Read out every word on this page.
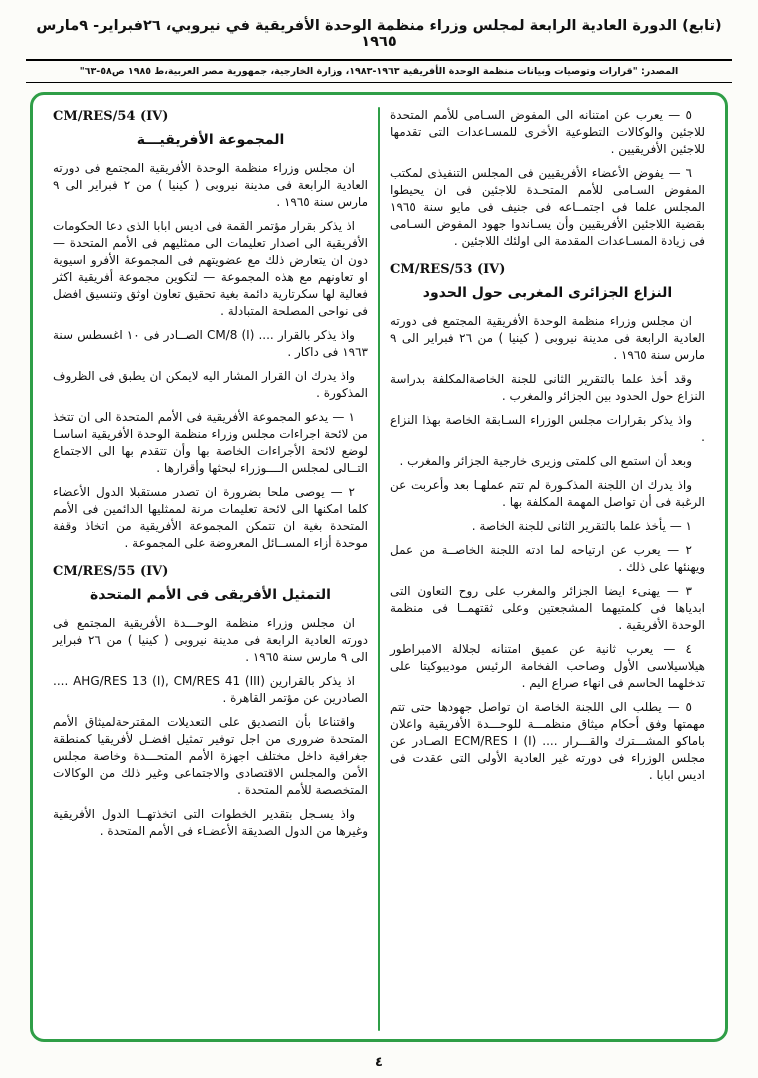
(تابع) الدورة العادية الرابعة لمجلس وزراء منظمة الوحدة الأفريقية في نيروبي، ٢٦فبراير- ٩مارس ١٩٦٥
المصدر: "قرارات وتوصيات وبيانات منظمة الوحدة الأفريقية ١٩٦٣-١٩٨٣، وزارة الخارجية، جمهورية مصر العربية،ط ١٩٨٥ ص٥٨-٦٣"
٥ — يعرب عن امتنانه الى المفوض السـامى للأمم المتحدة للاجئين والوكالات التطوعية الأخرى للمسـاعدات التى تقدمها للاجئين الأفريقيين .
٦ — يفوض الأعضاء الأفريقيين فى المجلس التنفيذى لمكتب المفوض السـامى للأمم المتحـدة للاجئين فى ان يحيطوا المجلس علما فى اجتمــاعه فى جنيف فى مايو سنة ١٩٦٥ بقضية اللاجئين الأفريقيين وأن يسـاندوا جهود المفوض السـامى فى زيادة المسـاعدات المقدمة الى اولئك اللاجئين .
CM/RES/53 (IV)
النزاع الجزائرى المغربى حول الحدود
ان مجلس وزراء منظمة الوحدة الأفريقية المجتمع فى دورته العادية الرابعة فى مدينة نيروبى ( كينيا ) من ٢٦ فبراير الى ٩ مارس سنة ١٩٦٥ .
وقد أخذ علما بالتقرير الثانى للجنة الخاصةالمكلفة بدراسة النزاع حول الحدود بين الجزائر والمغرب .
واذ يذكر بقرارات مجلس الوزراء السـابقة الخاصة بهذا النزاع .
وبعد أن استمع الى كلمتى وزيرى خارجية الجزائر والمغرب .
واذ يدرك ان اللجنة المذكـورة لم تتم عملهـا بعد وأعربت عن الرغبة فى أن تواصل المهمة المكلفة بها .
١ — يأخذ علما بالتقرير الثانى للجنة الخاصة .
٢ — يعرب عن ارتياحه لما ادته اللجنة الخاصــة من عمل ويهنئها على ذلك .
٣ — يهنىء ايضا الجزائر والمغرب على روح التعاون التى ابدياها فى كلمتيهما المشجعتين وعلى ثقتهمــا فى منظمة الوحدة الأفريقية .
٤ — يعرب ثانية عن عميق امتنانه لجلالة الامبراطور هيلاسيلاسى الأول وصاحب الفخامة الرئيس موديبوكيتا على تدخلهما الحاسم فى انهاء صراع اليم .
٥ — يطلب الى اللجنة الخاصة ان تواصل جهودها حتى تتم مهمتها وفق أحكام ميثاق منظمـــة للوحـــدة الأفريقية واعلان باماكو المشـــترك والقـــرار .... ECM/RES I (I) الصـادر عن مجلس الوزراء فى دورته غير العادية الأولى التى عقدت فى اديس ابابا .
CM/RES/54 (IV)
المجموعة الأفريقيـــة
ان مجلس وزراء منظمة الوحدة الأفريقية المجتمع فى دورته العادية الرابعة فى مدينة نيروبى ( كينيا ) من ٢ فبراير الى ٩ مارس سنة ١٩٦٥ .
اذ يذكر بقرار مؤتمر القمة فى اديس ابابا الذى دعا الحكومات الأفريقية الى اصدار تعليمات الى ممثليهم فى الأمم المتحدة — دون ان يتعارض ذلك مع عضويتهم فى المجموعة الأفرو اسيوية او تعاونهم مع هذه المجموعة — لتكوين مجموعة أفريقية اكثر فعالية لها سكرتارية دائمة بغية تحقيق تعاون اوثق وتنسيق افضل فى نواحى المصلحة المتبادلة .
واذ يذكر بالقرار .... CM/8 (I) الصــادر فى ١٠ اغسطس سنة ١٩٦٣ فى داكار .
واذ يدرك ان القرار المشار اليه لايمكن ان يطبق فى الظروف المذكورة .
١ — يدعو المجموعة الأفريقية فى الأمم المتحدة الى ان تتخذ من لائحة اجراءات مجلس وزراء منظمة الوحدة الأفريقية اساسـا لوضع لائحة الأجراءات الخاصة بها وأن تتقدم بها الى الاجتماع التــالى لمجلس الــــوزراء لبحثها وأقرارها .
٢ — يوصى ملحا بضرورة ان تصدر مستقبلا الدول الأعضاء كلما امكنها الى لائحة تعليمات مرنة لممثليها الدائمين فى الأمم المتحدة بغية ان تتمكن المجموعة الأفريقية من اتخاذ وقفة موحدة أزاء المســائل المعروضة على المجموعة .
CM/RES/55 (IV)
التمثيل الأفريقى فى الأمم المتحدة
ان مجلس وزراء منظمة الوحـــدة الأفريقية المجتمع فى دورته العادية الرابعة فى مدينة نيروبى ( كينيا ) من ٢٦ فبراير الى ٩ مارس سنة ١٩٦٥ .
اذ يذكر بالقرارين AHG/RES 13 (I), CM/RES 41 (III) .... الصادرين عن مؤتمر القاهرة .
واقتناعا بأن التصديق على التعديلات المقترحةلميثاق الأمم المتحدة ضرورى من اجل توفير تمثيل افضـل لأفريقيا كمنطقة جغرافية داخل مختلف اجهزة الأمم المتحـــدة وخاصة مجلس الأمن والمجلس الاقتصادى والاجتماعى وغير ذلك من الوكالات المتخصصة للأمم المتحدة .
واذ يسـجل بتقدير الخطوات التى اتخذتهــا الدول الأفريقية وغيرها من الدول الصديقة الأعضـاء فى الأمم المتحدة .
٤
